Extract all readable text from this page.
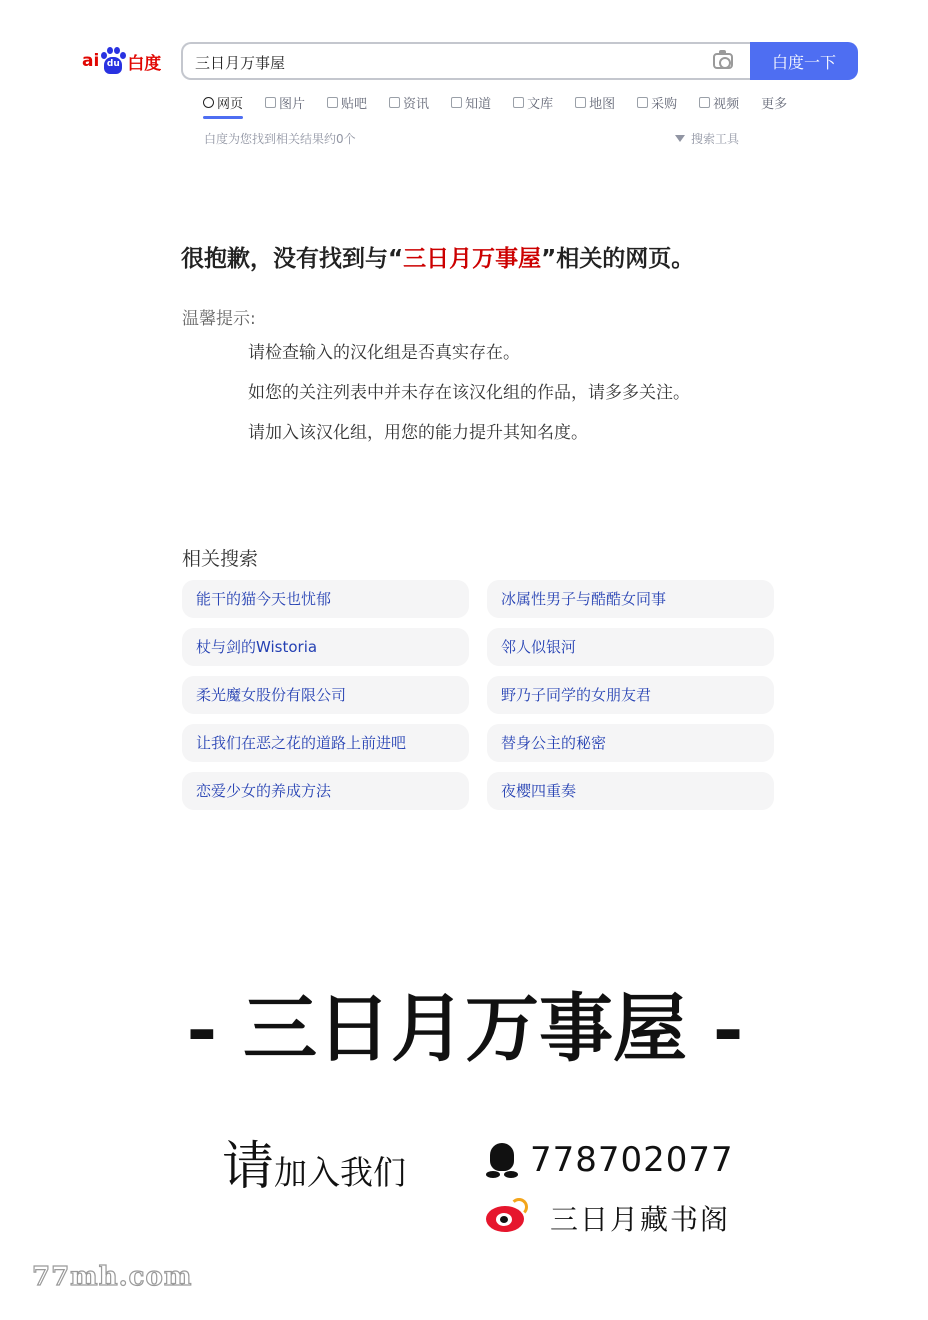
ai du 白度
三日月万事屋	白度一下
网页	图片	贴吧	资讯	知道	文库	地图	采购	视频 更多
白度为您找到相关结果约0个	搜索工具
很抱歉，没有找到与“三日月万事屋”相关的网页。
温馨提示:
请检查输入的汉化组是否真实存在。
如您的关注列表中并未存在该汉化组的作品，请多多关注。
请加入该汉化组，用您的能力提升其知名度。
相关搜索
能干的猫今天也忧郁	冰属性男子与酷酷女同事
杖与剑的Wistoria	邻人似银河
柔光魔女股份有限公司	野乃子同学的女朋友君
让我们在恶之花的道路上前进吧	替身公主的秘密
恋爱少女的养成方法	夜樱四重奏
- 三日月万事屋 -
请加入我们	778702077
三日月藏书阁
77mh.com
